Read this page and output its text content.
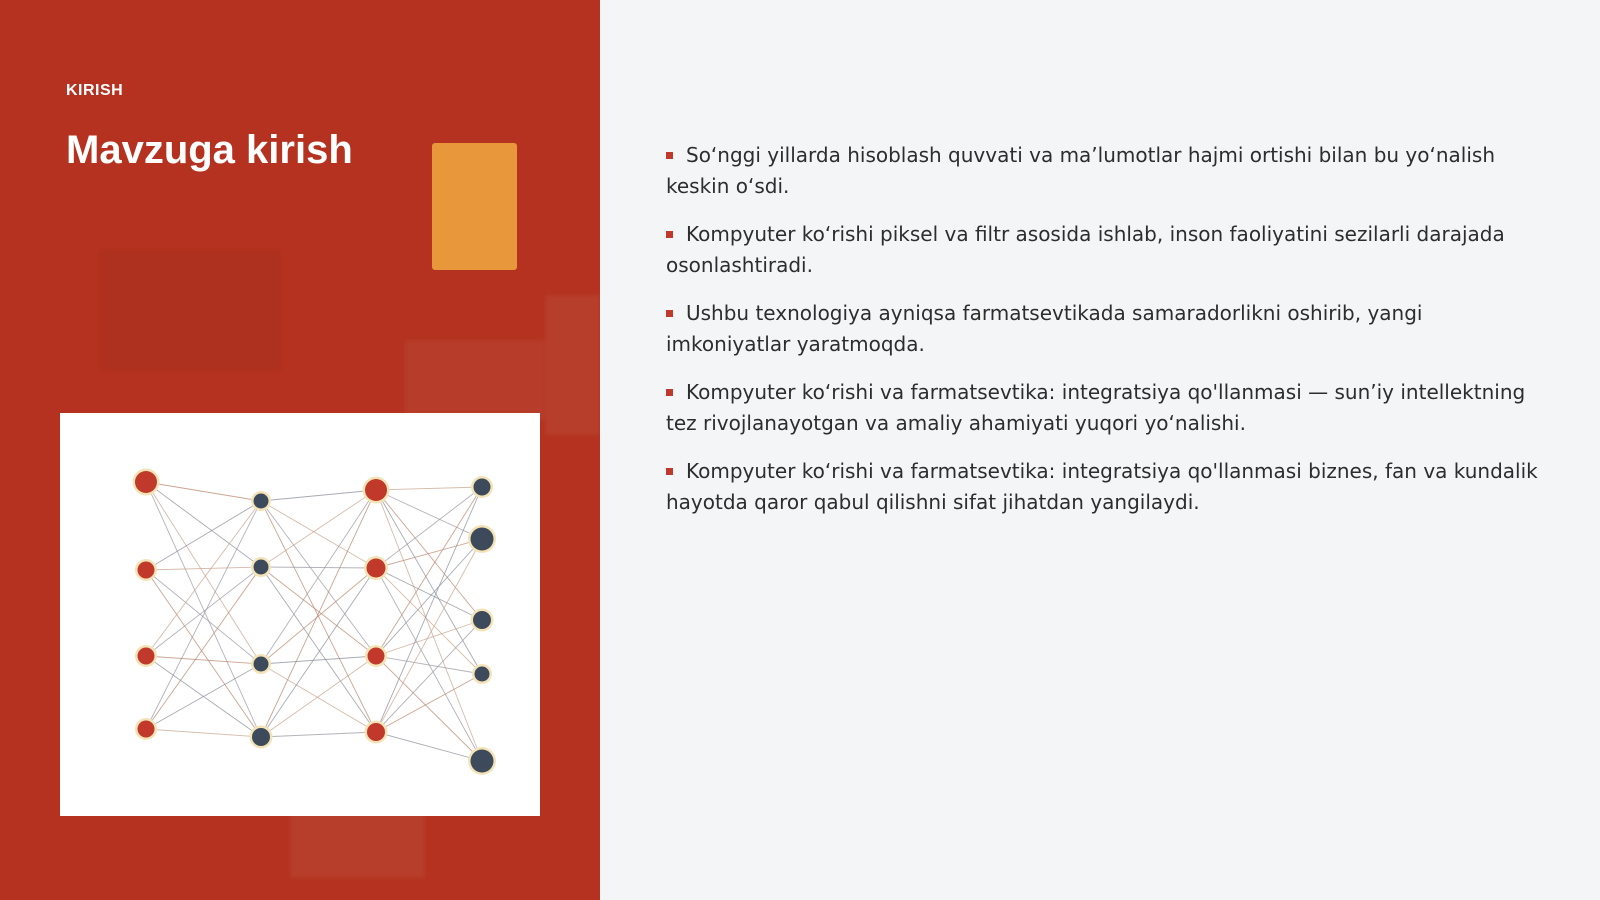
KIRISH
Mavzuga kirish	So‘nggi yillarda hisoblash quvvati va ma’lumotlar hajmi ortishi bilan bu yo‘nalish keskin o‘sdi.
Kompyuter ko‘rishi piksel va filtr asosida ishlab, inson faoliyatini sezilarli darajada osonlashtiradi.
Ushbu texnologiya ayniqsa farmatsevtikada samaradorlikni oshirib, yangi imkoniyatlar yaratmoqda.
Kompyuter ko‘rishi va farmatsevtika: integratsiya qo'llanmasi — sun’iy intellektning tez rivojlanayotgan va amaliy ahamiyati yuqori yo‘nalishi.
Kompyuter ko‘rishi va farmatsevtika: integratsiya qo'llanmasi biznes, fan va kundalik hayotda qaror qabul qilishni sifat jihatdan yangilaydi.
